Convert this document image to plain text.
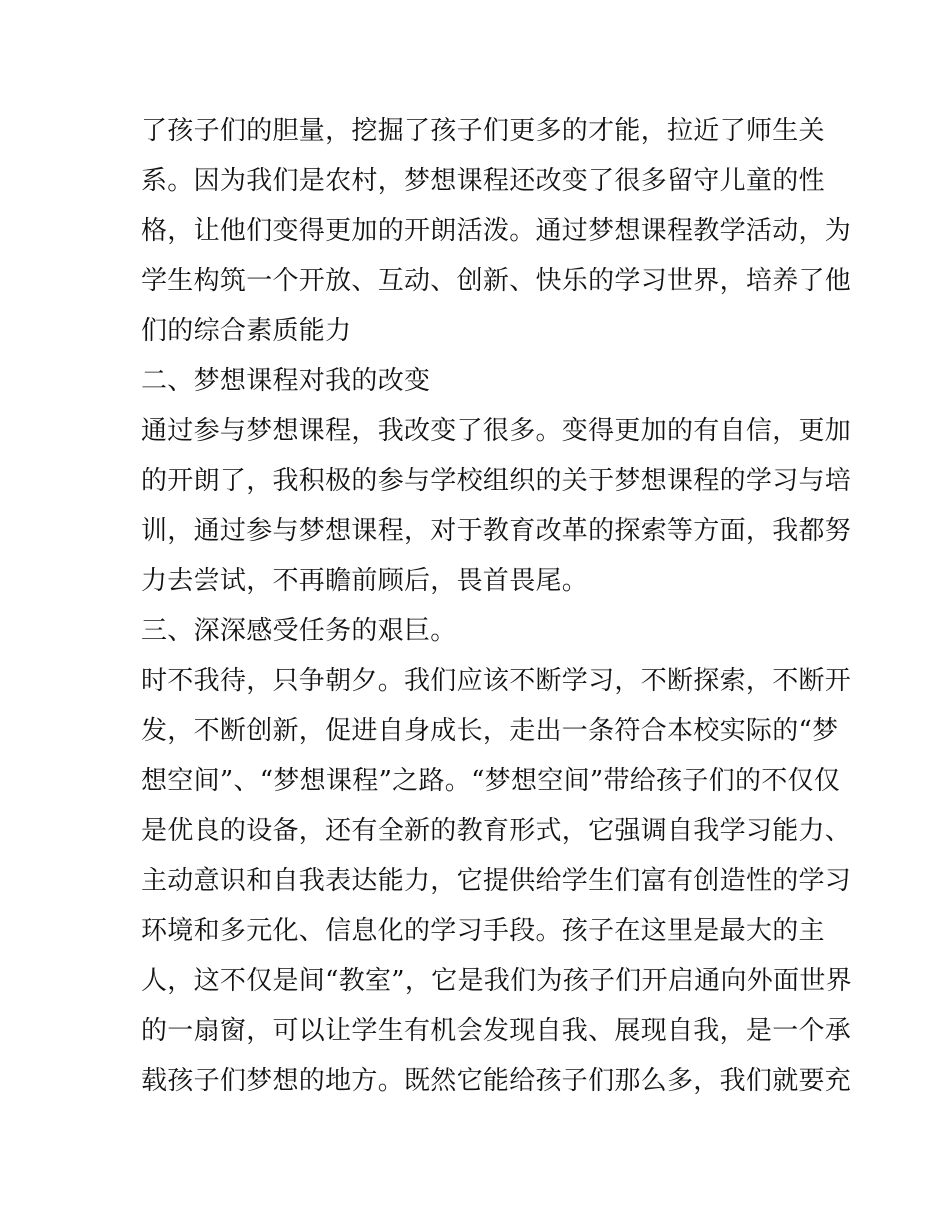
了孩子们的胆量，挖掘了孩子们更多的才能，拉近了师生关
系。因为我们是农村，梦想课程还改变了很多留守儿童的性
格，让他们变得更加的开朗活泼。通过梦想课程教学活动，为
学生构筑一个开放、互动、创新、快乐的学习世界，培养了他
们的综合素质能力
二、梦想课程对我的改变
通过参与梦想课程，我改变了很多。变得更加的有自信，更加
的开朗了，我积极的参与学校组织的关于梦想课程的学习与培
训，通过参与梦想课程，对于教育改革的探索等方面，我都努
力去尝试，不再瞻前顾后，畏首畏尾。
三、深深感受任务的艰巨。
时不我待，只争朝夕。我们应该不断学习，不断探索，不断开
发，不断创新，促进自身成长，走出一条符合本校实际的“梦
想空间”、“梦想课程”之路。“梦想空间”带给孩子们的不仅仅
是优良的设备，还有全新的教育形式，它强调自我学习能力、
主动意识和自我表达能力，它提供给学生们富有创造性的学习
环境和多元化、信息化的学习手段。孩子在这里是最大的主
人，这不仅是间“教室”，它是我们为孩子们开启通向外面世界
的一扇窗，可以让学生有机会发现自我、展现自我，是一个承
载孩子们梦想的地方。既然它能给孩子们那么多，我们就要充
